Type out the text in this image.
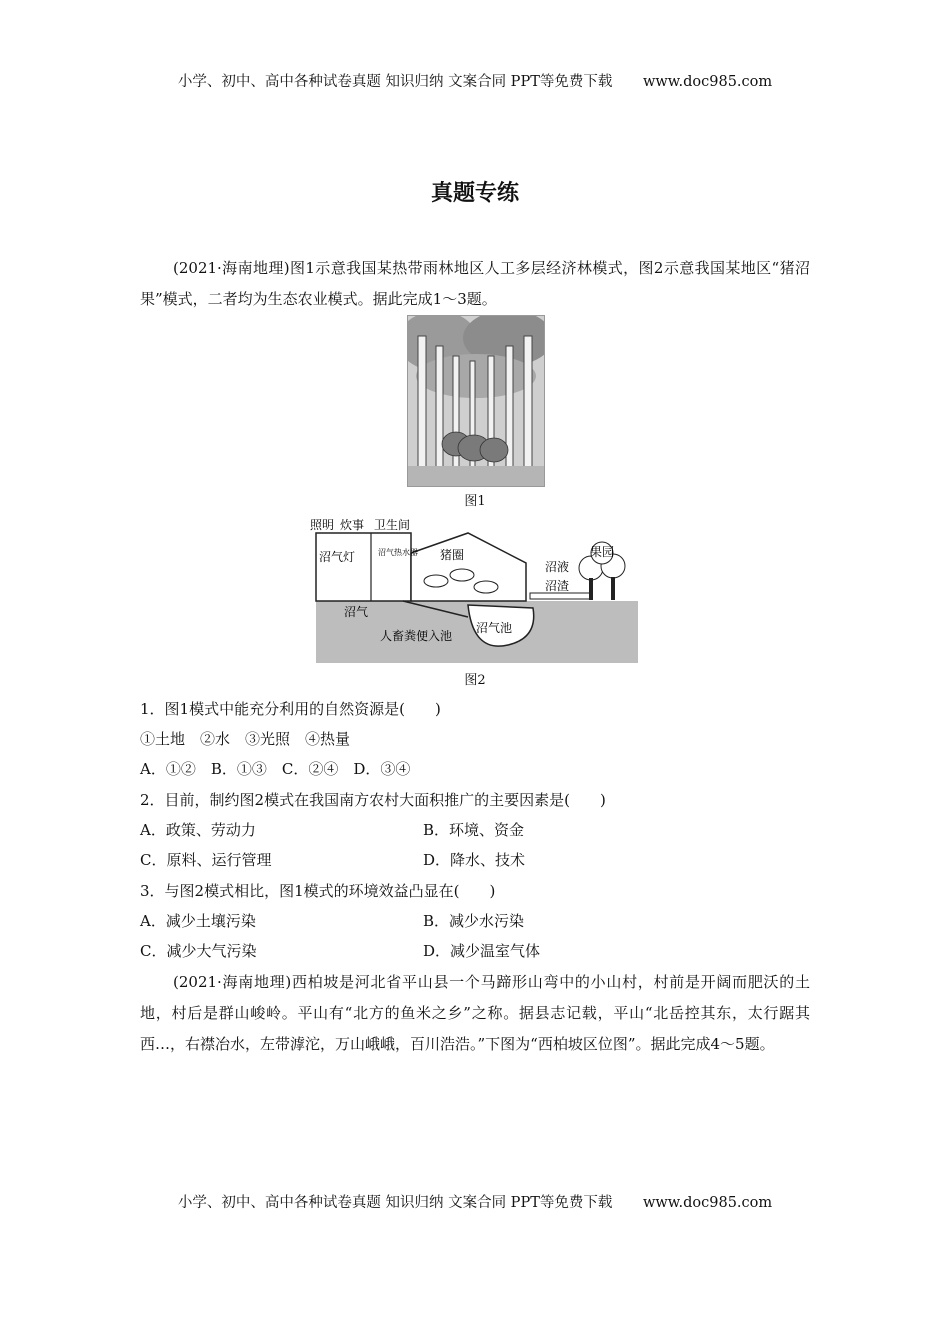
小学、初中、高中各种试卷真题 知识归纳 文案合同 PPT等免费下载 www.doc985.com
真题专练
(2021·海南地理)图1示意我国某热带雨林地区人工多层经济林模式，图2示意我国某地区“猪沼果”模式，二者均为生态农业模式。据此完成1～3题。
图1
照明 炊事 卫生间
沼气灯	沼气热水器 猪圈	果园
沼液
沼渣
沼气
人畜粪便入池
沼气池
图2
1．图1模式中能充分利用的自然资源是(　　)
①土地　②水　③光照　④热量
A．①②　B．①③　C．②④　D．③④
2．目前，制约图2模式在我国南方农村大面积推广的主要因素是(　　)
A．政策、劳动力	B．环境、资金
C．原料、运行管理	D．降水、技术
3．与图2模式相比，图1模式的环境效益凸显在(　　)
A．减少土壤污染	B．减少水污染
C．减少大气污染	D．减少温室气体
(2021·海南地理)西柏坡是河北省平山县一个马蹄形山弯中的小山村，村前是开阔而肥沃的土地，村后是群山峻岭。平山有“北方的鱼米之乡”之称。据县志记载，平山“北岳控其东，太行踞其西…，右襟冶水，左带滹沱，万山峨峨，百川浩浩。”下图为“西柏坡区位图”。据此完成4～5题。
小学、初中、高中各种试卷真题 知识归纳 文案合同 PPT等免费下载 www.doc985.com
